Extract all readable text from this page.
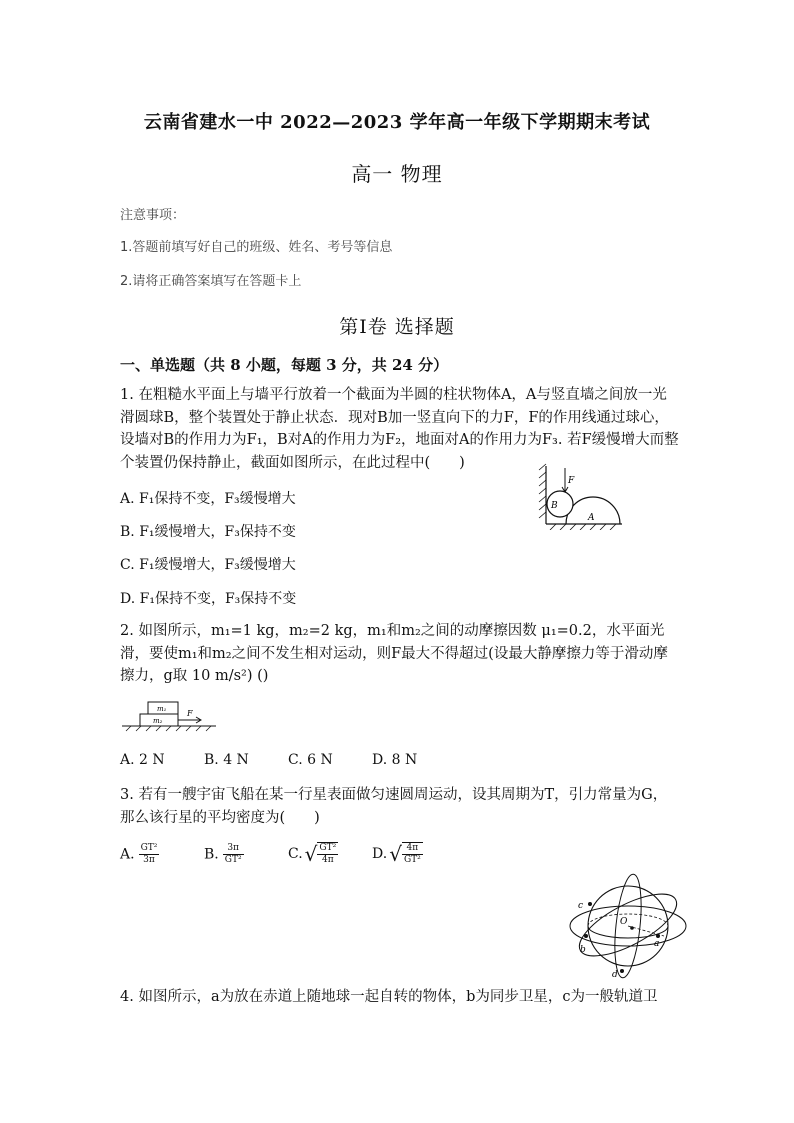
云南省建水一中 2022—2023 学年高一年级下学期期末考试
高一 物理
注意事项：
1.答题前填写好自己的班级、姓名、考号等信息
2.请将正确答案填写在答题卡上
第Ⅰ卷 选择题
一、单选题（共 8 小题，每题 3 分，共 24 分）
1. 在粗糙水平面上与墙平行放着一个截面为半圆的柱状物体A，A与竖直墙之间放一光滑圆球B，整个装置处于静止状态．现对B加一竖直向下的力F，F的作用线通过球心，设墙对B的作用力为F₁，B对A的作用力为F₂，地面对A的作用力为F₃. 若F缓慢增大而整个装置仍保持静止，截面如图所示，在此过程中(　　)
A. F₁保持不变，F₃缓慢增大
B. F₁缓慢增大，F₃保持不变
C. F₁缓慢增大，F₃缓慢增大
D. F₁保持不变，F₃保持不变
F
B
A
2. 如图所示，m₁=1 kg，m₂=2 kg，m₁和m₂之间的动摩擦因数 μ₁=0.2，水平面光滑，要使m₁和m₂之间不发生相对运动，则F最大不得超过(设最大静摩擦力等于滑动摩擦力，g取 10 m/s²) ()
m₁
m₂
F
A. 2 N	B. 4 N	C. 6 N	D. 8 N
3. 若有一艘宇宙飞船在某一行星表面做匀速圆周运动，设其周期为T，引力常量为G，那么该行星的平均密度为(　　)
A. $\frac{\text{GT²}}{3\pi}$	B. $\frac{3\pi}{\text{GT²}}$	C. √ $\frac{\text{GT²}}{4\pi} D$. √ $\frac{4\pi}{\text{GT²}}$
O
a
b
c
d
4. 如图所示，a为放在赤道上随地球一起自转的物体，b为同步卫星，c为一般轨道卫
